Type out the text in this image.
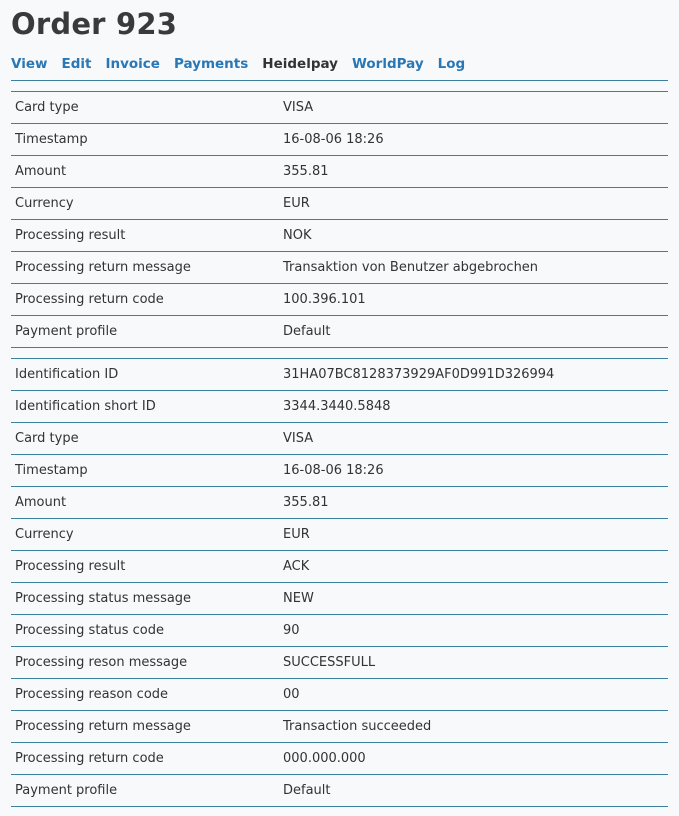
Order 923
View Edit Invoice Payments Heidelpay WorldPay Log
Card type	VISA
Timestamp	16-08-06 18:26
Amount	355.81
Currency	EUR
Processing result	NOK
Processing return message	Transaktion von Benutzer abgebrochen
Processing return code	100.396.101
Payment profile	Default
Identification ID	31HA07BC8128373929AF0D991D326994
Identification short ID	3344.3440.5848
Card type	VISA
Timestamp	16-08-06 18:26
Amount	355.81
Currency	EUR
Processing result	ACK
Processing status message	NEW
Processing status code	90
Processing reson message	SUCCESSFULL
Processing reason code	00
Processing return message	Transaction succeeded
Processing return code	000.000.000
Payment profile	Default
